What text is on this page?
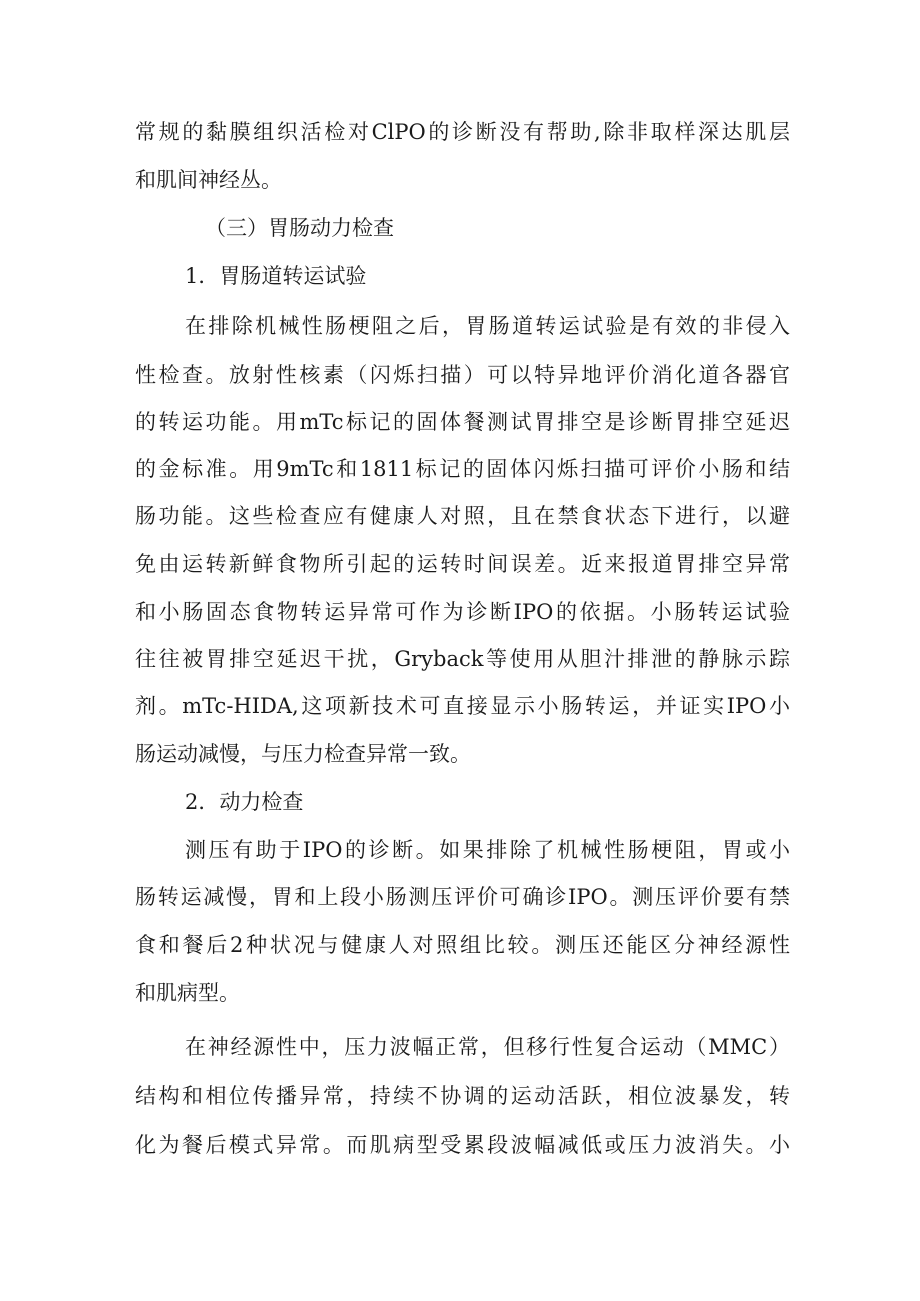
常规的黏膜组织活检对ClPO的诊断没有帮助,除非取样深达肌层
和肌间神经丛。
（三）胃肠动力检查
1．胃肠道转运试验
在排除机械性肠梗阻之后，胃肠道转运试验是有效的非侵入
性检查。放射性核素（闪烁扫描）可以特异地评价消化道各器官
的转运功能。用mTc标记的固体餐测试胃排空是诊断胃排空延迟
的金标准。用9mTc和1811标记的固体闪烁扫描可评价小肠和结
肠功能。这些检查应有健康人对照，且在禁食状态下进行，以避
免由运转新鲜食物所引起的运转时间误差。近来报道胃排空异常
和小肠固态食物转运异常可作为诊断IPO的依据。小肠转运试验
往往被胃排空延迟干扰，Gryback等使用从胆汁排泄的静脉示踪
剂。mTc-HIDA,这项新技术可直接显示小肠转运，并证实IPO小
肠运动减慢，与压力检查异常一致。
2．动力检查
测压有助于IPO的诊断。如果排除了机械性肠梗阻，胃或小
肠转运减慢，胃和上段小肠测压评价可确诊IPO。测压评价要有禁
食和餐后2种状况与健康人对照组比较。测压还能区分神经源性
和肌病型。
在神经源性中，压力波幅正常，但移行性复合运动（MMC）
结构和相位传播异常，持续不协调的运动活跃，相位波暴发，转
化为餐后模式异常。而肌病型受累段波幅减低或压力波消失。小
